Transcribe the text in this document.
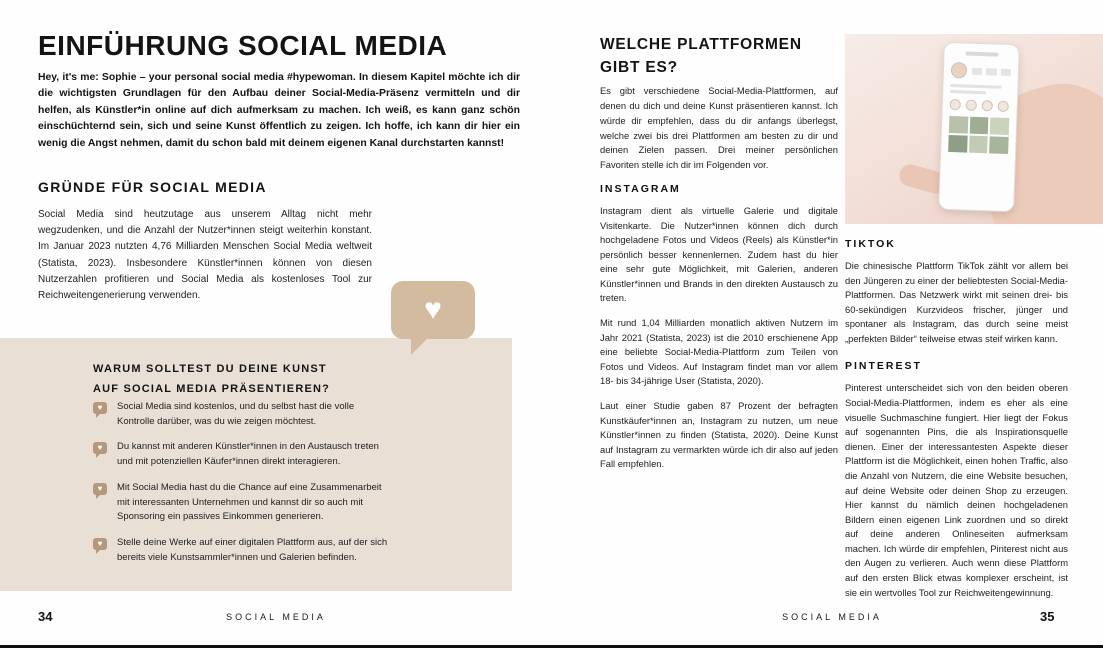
EINFÜHRUNG SOCIAL MEDIA

Hey, it's me: Sophie – your personal social media #hypewoman. In diesem Kapitel möchte ich dir die wichtigsten Grundlagen für den Aufbau deiner Social-Media-Präsenz vermitteln und dir helfen, als Künstler*in online auf dich aufmerksam zu machen. Ich weiß, es kann ganz schön einschüchternd sein, sich und seine Kunst öffentlich zu zeigen. Ich hoffe, ich kann dir hier ein wenig die Angst nehmen, damit du schon bald mit deinem eigenen Kanal durchstarten kannst!

GRÜNDE FÜR SOCIAL MEDIA

Social Media sind heutzutage aus unserem Alltag nicht mehr wegzudenken, und die Anzahl der Nutzer*innen steigt weiterhin konstant. Im Januar 2023 nutzten 4,76 Milliarden Menschen Social Media weltweit (Statista, 2023). Insbesondere Künstler*innen können von diesen Nutzerzahlen profitieren und Social Media als kostenloses Tool zur Reichweitengenerierung verwenden.	♥
WARUM SOLLTEST DU DEINE KUNST
AUF SOCIAL MEDIA PRÄSENTIEREN?
♥	Social Media sind kostenlos, und du selbst hast die volle Kontrolle darüber, was du wie zeigen möchtest.
♥	Du kannst mit anderen Künstler*innen in den Austausch treten und mit potenziellen Käufer*innen direkt interagieren.
♥	Mit Social Media hast du die Chance auf eine Zusammenarbeit mit interessanten Unternehmen und kannst dir so auch mit Sponsoring ein passives Einkommen generieren.
♥	Stelle deine Werke auf einer digitalen Plattform aus, auf der sich bereits viele Kunstsammler*innen und Galerien befinden.
34	SOCIAL MEDIA
WELCHE PLATTFORMEN
GIBT ES?

Es gibt verschiedene Social-Media-Plattformen, auf denen du dich und deine Kunst präsentieren kannst. Ich würde dir empfehlen, dass du dir anfangs überlegst, welche zwei bis drei Plattformen am besten zu dir und deinen Zielen passen. Drei meiner persönlichen Favoriten stelle ich dir im Folgenden vor.

INSTAGRAM

Instagram dient als virtuelle Galerie und digitale Visitenkarte. Die Nutzer*innen können dich durch hochgeladene Fotos und Videos (Reels) als Künstler*in persönlich besser kennenlernen. Zudem hast du hier eine sehr gute Möglichkeit, mit Galerien, anderen Künstler*innen und Brands in den direkten Austausch zu treten.

Mit rund 1,04 Milliarden monatlich aktiven Nutzern im Jahr 2021 (Statista, 2023) ist die 2010 erschienene App eine beliebte Social-Media-Plattform zum Teilen von Fotos und Videos. Auf Instagram findet man vor allem 18- bis 34-jährige User (Statista, 2020).

Laut einer Studie gaben 87 Prozent der befragten Kunstkäufer*innen an, Instagram zu nutzen, um neue Künstler*innen zu finden (Statista, 2020). Deine Kunst auf Instagram zu vermarkten würde ich dir also auf jeden Fall empfehlen.

TIKTOK

Die chinesische Plattform TikTok zählt vor allem bei den Jüngeren zu einer der beliebtesten Social-Media-Plattformen. Das Netzwerk wirkt mit seinen drei- bis 60-sekündigen Kurzvideos frischer, jünger und spontaner als Instagram, das durch seine meist „perfekten Bilder“ teilweise etwas steif wirken kann.

PINTEREST

Pinterest unterscheidet sich von den beiden oberen Social-Media-Plattformen, indem es eher als eine visuelle Suchmaschine fungiert. Hier liegt der Fokus auf sogenannten Pins, die als Inspirationsquelle dienen. Einer der interessantesten Aspekte dieser Plattform ist die Möglichkeit, einen hohen Traffic, also die Anzahl von Nutzern, die eine Website besuchen, auf deine Website oder deinen Shop zu erzeugen. Hier kannst du nämlich deinen hochgeladenen Bildern einen eigenen Link zuordnen und so direkt auf deine anderen Onlineseiten aufmerksam machen. Ich würde dir empfehlen, Pinterest nicht aus den Augen zu verlieren. Auch wenn diese Plattform auf den ersten Blick etwas komplexer erscheint, ist sie ein wertvolles Tool zur Reichweitengewinnung.

SOCIAL MEDIA	35
